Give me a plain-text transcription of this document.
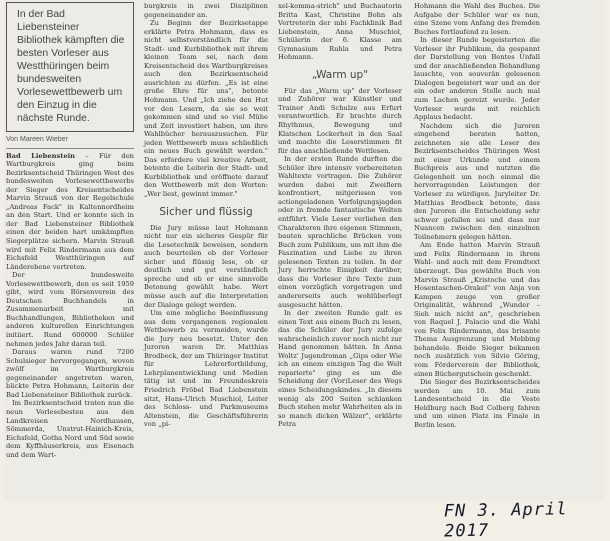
In der Bad Liebensteiner Bibliothek kämpften die besten Vorleser aus Westthüringen beim bundesweiten Vorlesewettbewerb um den Einzug in die nächste Runde.
Von Mareen Wieber

Bad Liebenstein – Für den Wartburgkreis ging beim Bezirksentscheid Thüringen West des bundesweiten Vorlesewettbewerbs der Sieger des Kreisentscheides Marvin Strauß von der Regelschule „Andreas Fack" in Kaltennordheim an den Start. Und er konnte sich in der Bad Liebensteiner Bibliothek einen der beiden hart umkämpften Siegerplätze sichern. Marvin Strauß wird mit Felix Rindermann aus dem Eichsfeld Westthüringen auf Länderebene vertreten.

Der bundesweite Vorlesewettbewerb, den es seit 1959 gibt, wird vom Börsenverein des Deutschen Buchhandels in Zusammenarbeit mit Buchhandlungen, Bibliotheken und anderen kulturellen Einrichtungen initiiert. Rund 600000 Schüler nehmen jedes Jahr daran teil.

Daraus waren rund 7200 Schulsieger hervorgegangen, wovon zwölf im Wartburgkreis gegeneinander angetreten waren, blickte Petra Hohmann, Leiterin der Bad Liebensteiner Bibliothek zurück.

Im Bezirksentscheid traten nun die neun Vorlesebesten aus den Landkreisen Nordhausen, Sömmerda, Unstrut-Hainich-Kreis, Eichsfeld, Gotha Nord und Süd sowie dem Kyffhäuserkreis, aus Eisenach und dem Wart-

burgkreis in zwei Disziplinen gegeneinander an.

Zu Beginn der Bezirksetappe erklärte Petra Hohmann, dass es nicht selbstverständlich für die Stadt- und Kurbibliothek mit ihrem kleinen Team sei, nach dem Kreisentscheid des Wartburgkreises auch den Bezirksentscheid ausrichten zu dürfen. „Es ist eine große Ehre für uns", betonte Hohmann. Und „Ich ziehe den Hut vor den Lesern, da sie so weit gekommen sind und so viel Mühe und Zeit investiert haben, um ihre Wahlbücher herauszusuchen. Für jeden Wettbewerb muss schließlich ein neues Buch gewählt werden." Das erfordere viel kreative Arbeit, betonte die Leiterin der Stadt- und Kurbibliothek und eröffnete darauf den Wettbewerb mit den Worten: „Wer liest, gewinnt immer."

Sicher und flüssig

Die Jury müsse laut Hohmann nicht nur ein sicheres Gespür für die Lesetechnik beweisen, sondern auch beurteilen ob der Vorleser sicher und flüssig lese, ob er deutlich und gut verständlich spreche und ob er eine sinnvolle Betonung gewählt habe. Wert müsse auch auf die Interpretation der Dialoge gelegt werden.

Um eine mögliche Beeinflussung aus dem vergangenen regionalen Wettbewerb zu vermeiden, wurde die Jury neu besetzt. Unter den Juroren waren Dr. Matthias Brodbeck, der am Thüringer Institut für Lehrerfortbildung, Lehrplanentwicklung und Medien tätig ist und im Freundeskreis Friedrich Fröbel Bad Liebenstein sitzt, Hans-Ulrich Muschiol, Leiter des Schloss- und Parkmuseums Altenstein, die Geschäftsführerin von „pi-

xel-komma-strich" und Buchautorin Britta Kast, Christine Bohn als Vertreterin der mbi Fachklinik Bad Liebenstein, Anna Muschiol, Schülerin der 6. Klasse am Gymnasium Ruhla und Petra Hohmann.

„Warm up"

Für das „Warm up" der Vorleser und Zuhörer war Künstler und Trainer Andi Schulze aus Erfurt verantwortlich. Er brachte durch Rhythmus, Bewegung und Klatschen Lockerheit in den Saal und machte die Leserstimmen fit für das anschließende Wettlesen.

In der ersten Runde durften die Schüler ihre intensiv vorbereiteten Wahltexte vortragen. Die Zuhörer wurden dabei mit Zweiflern konfrontiert, mitgerissen von actiongeladenen Verfolgungsjagden oder in fremde fantastische Welten entführt. Viele Leser verliehen den Charakteren ihre eigenen Stimmen, bauten sprachliche Brücken vom Buch zum Publikum, um mit ihm die Faszination und Liebe zu ihren gelesenen Texten zu teilen. In der Jury herrschte Einigkeit darüber, dass die Vorleser ihre Texte zum einen vorzüglich vorgetragen und andererseits auch wohlüberlegt ausgesucht hätten.

In der zweiten Runde galt es einen Text aus einem Buch zu lesen, das die Schüler der Jury zufolge wahrscheinlich zuvor noch nicht zur Hand genommen hätten. In Anna Woltz' Jugendroman „Gips oder Wie ich an einem einzigen Tag die Welt reparierte" ging es um die Scheidung der (Vor)Leser des Wegs eines Scheidungskindes. „In diesem wenig als 200 Seiten schlanken Buch stehen mehr Wahrheiten als in so manch dicken Wälzer", erklärte Petra

Hohmann die Wahl des Buches. Die Aufgabe der Schüler war es nun, eine Szene vom Anfang des fremden Buches fortlaufend zu lesen.

In dieser Runde begeisterten die Vorleser ihr Publikum, da gespannt der Darstellung von Bentes Unfall und der anschließenden Behandlung lauschte, von souverän gelesenen Dialogen begeistert war und an der ein oder anderen Stelle auch mal zum Lachen gereizt wurde. Jeder Vorleser wurde mit reichlich Applaus bedacht.

Nachdem sich die Juroren eingehend beraten hatten, zeichneten sie alle Leser des Bezirksentscheides Thüringen West mit einer Urkunde und einem Buchpreis aus und nutzten die Gelegenheit um noch einmal die hervorragenden Leistungen der Vorleser zu würdigen. Juryleiter Dr. Matthias Brodbeck betonte, dass den Juroren die Entscheidung sehr schwer gefallen sei und dass nur Nuancen zwischen den einzelnen Teilnehmern gelegen hätten.

Am Ende hatten Marvin Strauß und Felix Rindermann in ihrem Wahl- und auch mit dem Fremdtext überzeugt. Das gewählte Buch von Marvin Strauß „Kristoche und das Hosentaschen-Orakel" von Anja von Kampen zeuge von großer Originalität, während „Wunder – Sieh mich nicht an", geschrieben von Raquel J. Palacio und die Wahl von Felix Rindermann, das brisante Thema Ausgrenzung und Mobbing behandele. Beide Sieger bekamen noch zusätzlich von Silvio Göring, vom Förderverein der Bibliothek, einen Büchergutschein geschenkt.

Die Sieger des Bezirksentscheides werden am 10. Mai zum Landesentscheid in die Veste Heldburg nach Bad Colberg fahren und um einen Platz im Finale in Berlin lesen.

FN 3. April 2017
